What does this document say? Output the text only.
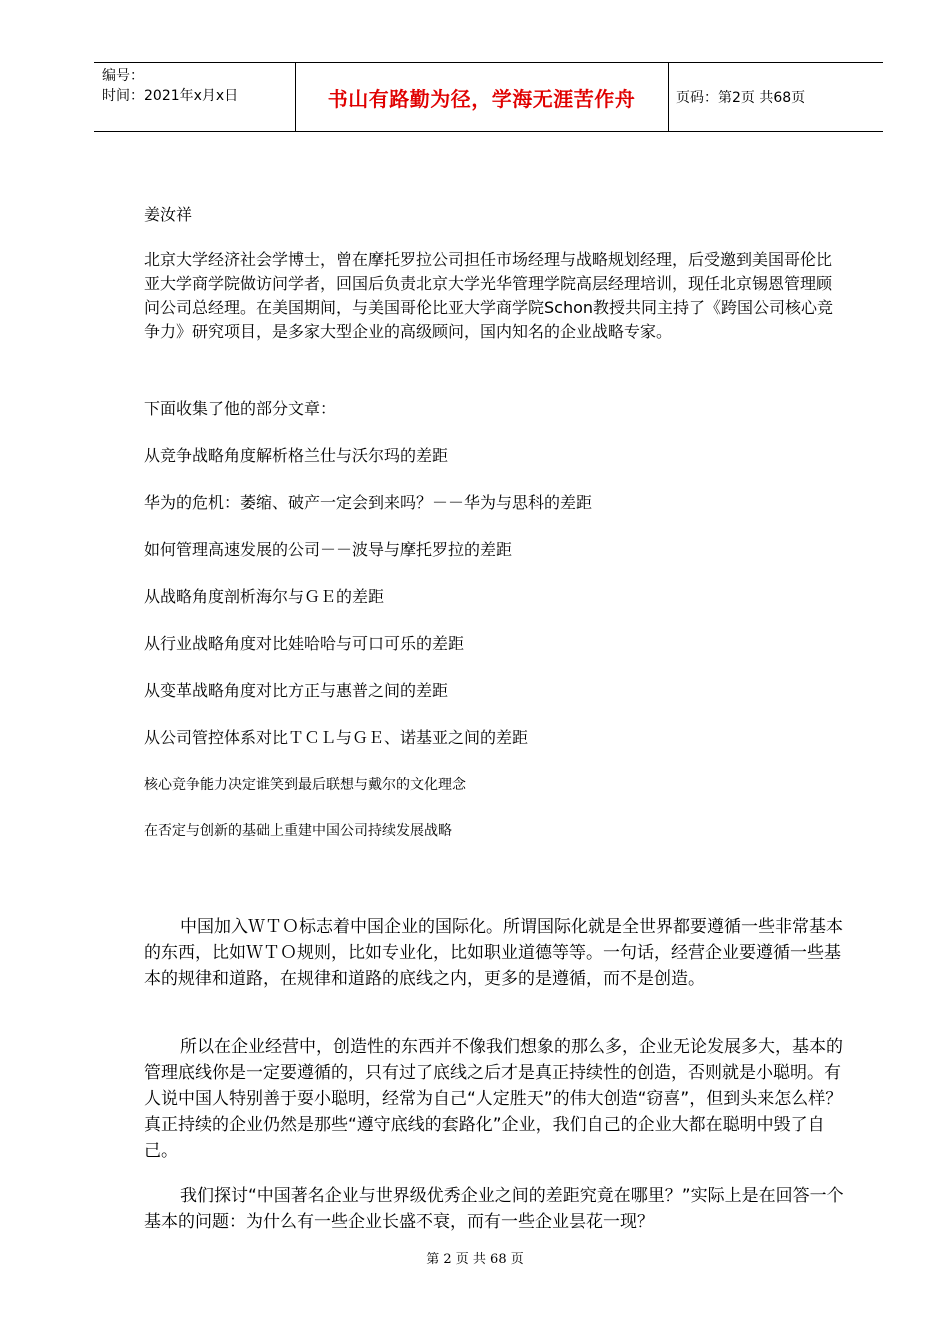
编号：
时间：2021年x月x日	书山有路勤为径，学海无涯苦作舟	页码：第2页 共68页
姜汝祥
北京大学经济社会学博士，曾在摩托罗拉公司担任市场经理与战略规划经理，后受邀到美国哥伦比亚大学商学院做访问学者，回国后负责北京大学光华管理学院高层经理培训，现任北京锡恩管理顾问公司总经理。在美国期间，与美国哥伦比亚大学商学院Schon教授共同主持了《跨国公司核心竞争力》研究项目，是多家大型企业的高级顾问，国内知名的企业战略专家。
下面收集了他的部分文章：
从竞争战略角度解析格兰仕与沃尔玛的差距
华为的危机：萎缩、破产一定会到来吗？－－华为与思科的差距
如何管理高速发展的公司－－波导与摩托罗拉的差距
从战略角度剖析海尔与ＧＥ的差距
从行业战略角度对比娃哈哈与可口可乐的差距
从变革战略角度对比方正与惠普之间的差距
从公司管控体系对比ＴＣＬ与ＧＥ、诺基亚之间的差距
核心竞争能力决定谁笑到最后联想与戴尔的文化理念
在否定与创新的基础上重建中国公司持续发展战略
中国加入ＷＴＯ标志着中国企业的国际化。所谓国际化就是全世界都要遵循一些非常基本的东西，比如ＷＴＯ规则，比如专业化，比如职业道德等等。一句话，经营企业要遵循一些基本的规律和道路，在规律和道路的底线之内，更多的是遵循，而不是创造。
所以在企业经营中，创造性的东西并不像我们想象的那么多，企业无论发展多大，基本的管理底线你是一定要遵循的，只有过了底线之后才是真正持续性的创造，否则就是小聪明。有人说中国人特别善于耍小聪明，经常为自己“人定胜天”的伟大创造“窃喜”，但到头来怎么样？真正持续的企业仍然是那些“遵守底线的套路化”企业，我们自己的企业大都在聪明中毁了自己。
我们探讨“中国著名企业与世界级优秀企业之间的差距究竟在哪里？”实际上是在回答一个基本的问题：为什么有一些企业长盛不衰，而有一些企业昙花一现？
第 2 页 共 68 页
